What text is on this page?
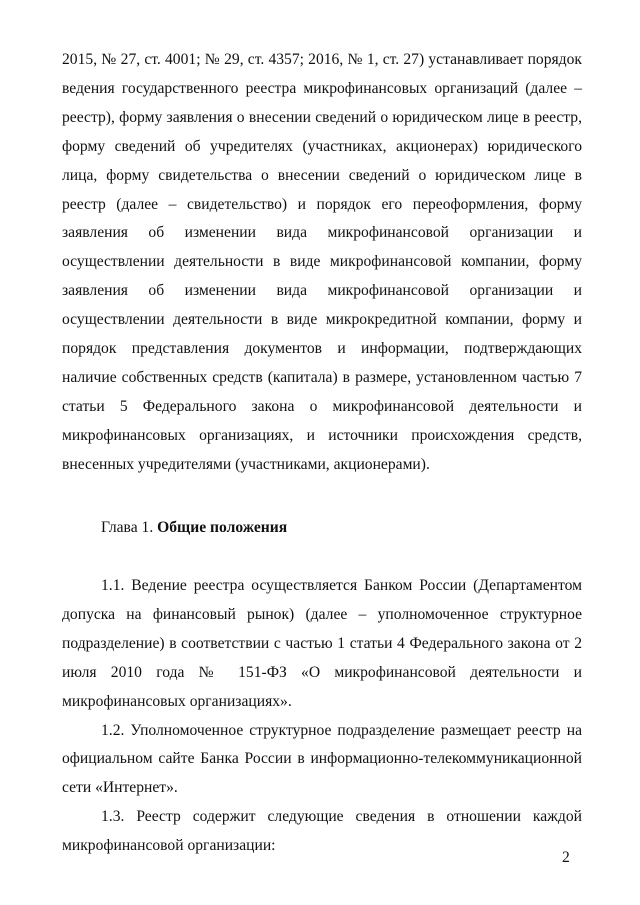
2015, № 27, ст. 4001; № 29, ст. 4357; 2016, № 1, ст. 27) устанавливает порядок ведения государственного реестра микрофинансовых организаций (далее – реестр), форму заявления о внесении сведений о юридическом лице в реестр, форму сведений об учредителях (участниках, акционерах) юридического лица, форму свидетельства о внесении сведений о юридическом лице в реестр (далее – свидетельство) и порядок его переоформления, форму заявления об изменении вида микрофинансовой организации и осуществлении деятельности в виде микрофинансовой компании, форму заявления об изменении вида микрофинансовой организации и осуществлении деятельности в виде микрокредитной компании, форму и порядок представления документов и информации, подтверждающих наличие собственных средств (капитала) в размере, установленном частью 7 статьи 5 Федерального закона о микрофинансовой деятельности и микрофинансовых организациях, и источники происхождения средств, внесенных учредителями (участниками, акционерами).

Глава 1. Общие положения

1.1. Ведение реестра осуществляется Банком России (Департаментом допуска на финансовый рынок) (далее – уполномоченное структурное подразделение) в соответствии с частью 1 статьи 4 Федерального закона от 2 июля 2010 года № 151-ФЗ «О микрофинансовой деятельности и микрофинансовых организациях».

1.2. Уполномоченное структурное подразделение размещает реестр на официальном сайте Банка России в информационно-телекоммуникационной сети «Интернет».

1.3. Реестр содержит следующие сведения в отношении каждой микрофинансовой организации:

2
